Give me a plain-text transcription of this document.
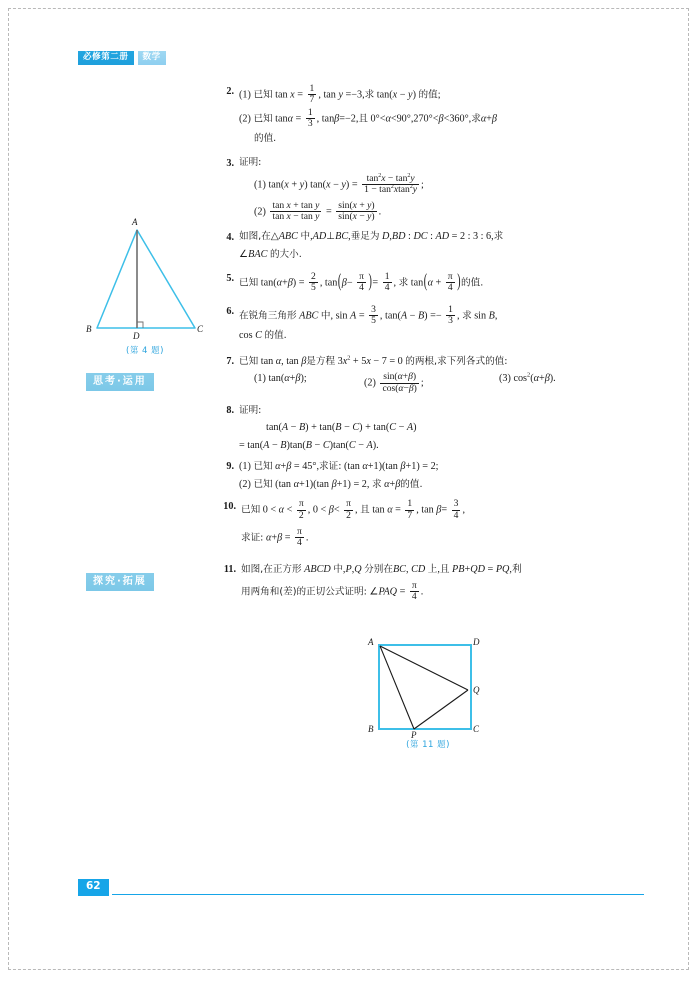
必修第二册	数学
A
B	C
D
(第 4 题)
思考·运用
探究·拓展
2. (1) 已知 $\tan x = \frac{1}{7}$ , tan y =−3,求 tan(x − y) 的值;
(2) 已知 $\tan\alpha = \frac{1}{3}$ , tanβ=−2,且 0°<α<90°,270°<β<360°,求α+β
的值.
3. 证明:
(1) tan(x + y) $\tan(x - y) = \frac{\tan^2x - \tan^2y}{1 - \tan^2xtan^2y}$ ;
$(2) \frac{\text{tan x + tan y}}{\text{tan x − tan y}} = \frac{\sin(x + y)}{\sin(x - y)}$ .
4. 如图,在△ABC 中,AD⊥BC,垂足为 D,BD : DC : AD = 2 : 3 : 6,求
∠BAC 的大小.
5. 已知 $\tan(\alpha+\beta) = \frac{2}{5}$ , $\tan(\beta- \frac{\pi}{4}$ )= $\frac{1}{4}$ , 求 $\tan(\alpha + \frac{\pi}{4}$ )的值.
6. 在锐角三角形 ABC 中, $\sin A = \frac{3}{5}$ , $\tan(A - B) =- \frac{1}{3}$ , 求 sin B,
cos C 的值.
7. 已知 tan α, tan β是方程 $3x^2 + 5x - 7 = 0$ 的两根,求下列各式的值:
(1) tan(α+β);	$(2) \frac{\sin(\alpha+\beta)}{\cos(\alpha-\beta)}$ ;	(3) $\cos^2(\alpha+\beta)$.
8. 证明:
tan(A − B) + tan(B − C) + tan(C − A)
= tan(A − B)tan(B − C)tan(C − A).
9. (1) 已知 α+β = 45°,求证: (tan α+1)(tan β+1) = 2;
(2) 已知 (tan α+1)(tan β+1) = 2, 求 α+β的值.
10. 已知 $0 < \alpha < \frac{\pi}{2}$ , $0 < \beta< \frac{\pi}{2}$ , 且 $\tan \alpha = \frac{1}{7}$ , $\tan \beta= \frac{3}{4}$ ,
求证: $\alpha+\beta = \frac{\pi}{4}$ .
11. 如图,在正方形 ABCD 中,P,Q 分别在BC, CD 上,且 PB+QD = PQ,利
用两角和(差)的正切公式证明: ∠PAQ = $\frac{\pi}{4}$ .
A
B	C
D
P
Q
(第 11 题)
62
